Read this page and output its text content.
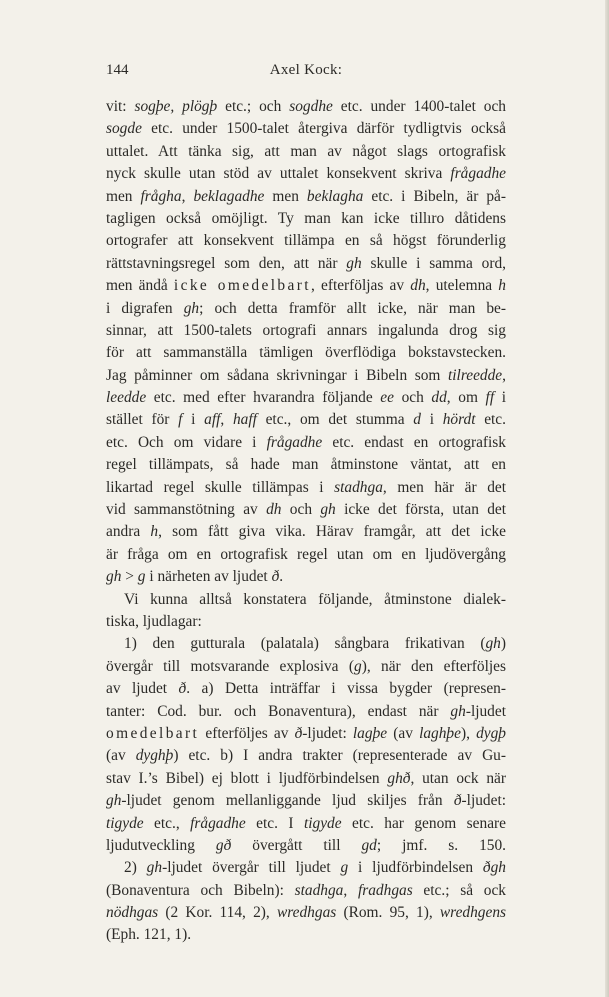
144	Axel Kock:
vit: sogþe, plögþ etc.; och sogdhe etc. under 1400-talet och
sogde etc. under 1500-talet återgiva därför tydligtvis också
uttalet. Att tänka sig, att man av något slags ortografisk
nyck skulle utan stöd av uttalet konsekvent skriva frågadhe
men frågha, beklagadhe men beklagha etc. i Bibeln, är på-
tagligen också omöjligt. Ty man kan icke tillıro dåtidens
ortografer att konsekvent tillämpa en så högst förunderlig
rättstavningsregel som den, att när gh skulle i samma ord,
men ändå icke omedelbart, efterföljas av dh, utelemna h
i digrafen gh; och detta framför allt icke, när man be-
sinnar, att 1500-talets ortografi annars ingalunda drog sig
för att sammanställa tämligen överflödiga bokstavstecken.
Jag påminner om sådana skrivningar i Bibeln som tilreedde,
leedde etc. med efter hvarandra följande ee och dd, om ff i
stället för f i aff, haff etc., om det stumma d i hördt etc.
etc. Och om vidare i frågadhe etc. endast en ortografisk
regel tillämpats, så hade man åtminstone väntat, att en
likartad regel skulle tillämpas i stadhga, men här är det
vid sammanstötning av dh och gh icke det första, utan det
andra h, som fått giva vika. Härav framgår, att det icke
är fråga om en ortografisk regel utan om en ljudövergång
gh > g i närheten av ljudet ð.
Vi kunna alltså konstatera följande, åtminstone dialek-
tiska, ljudlagar:
1) den gutturala (palatala) sångbara frikativan (gh)
övergår till motsvarande explosiva (g), när den efterföljes
av ljudet ð. a) Detta inträffar i vissa bygder (represen-
tanter: Cod. bur. och Bonaventura), endast när gh-ljudet
omedelbart efterföljes av ð-ljudet: lagþe (av laghþe), dygþ
(av dyghþ) etc. b) I andra trakter (representerade av Gu-
stav I.’s Bibel) ej blott i ljudförbindelsen ghð, utan ock när
gh-ljudet genom mellanliggande ljud skiljes från ð-ljudet:
tigyde etc., frågadhe etc. I tigyde etc. har genom senare
ljudutveckling gð övergått till gd; jmf. s. 150.
2) gh-ljudet övergår till ljudet g i ljudförbindelsen ðgh
(Bonaventura och Bibeln): stadhga, fradhgas etc.; så ock
nödhgas (2 Kor. 114, 2), wredhgas (Rom. 95, 1), wredhgens
(Eph. 121, 1).
